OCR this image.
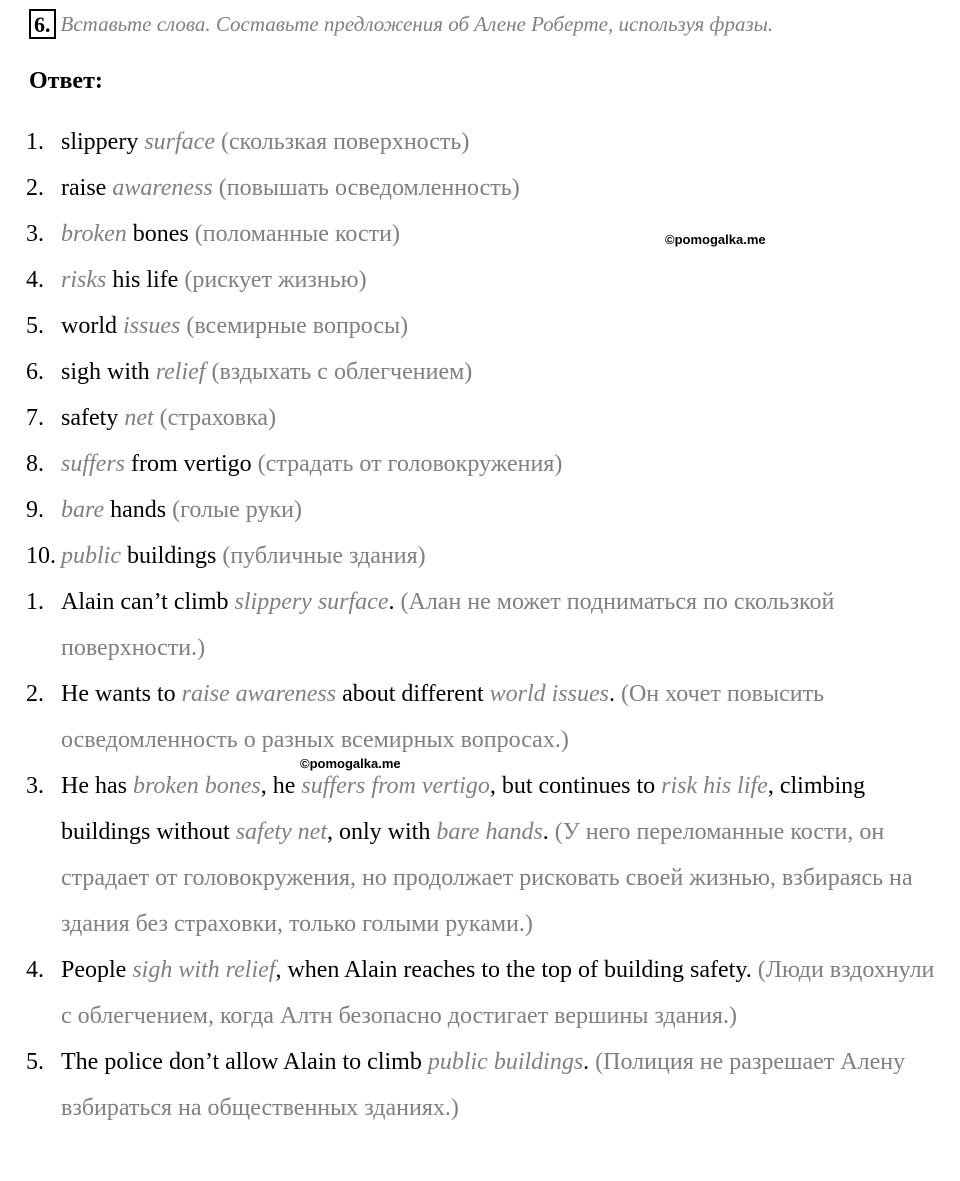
6. Вставьте слова. Составьте предложения об Алене Роберте, используя фразы.
Ответ:
©pomogalka.me
©pomogalka.me
1. slippery surface (скользкая поверхность)
2. raise awareness (повышать осведомленность)
3. broken bones (поломанные кости)
4. risks his life (рискует жизнью)
5. world issues (всемирные вопросы)
6. sigh with relief (вздыхать с облегчением)
7. safety net (страховка)
8. suffers from vertigo (страдать от головокружения)
9. bare hands (голые руки)
10. public buildings (публичные здания)
1. Alain can’t climb slippery surface. (Алан не может подниматься по скользкой поверхности.)
2. He wants to raise awareness about different world issues. (Он хочет повысить осведомленность о разных всемирных вопросах.)
3. He has broken bones, he suffers from vertigo, but continues to risk his life, climbing buildings without safety net, only with bare hands. (У него переломанные кости, он страдает от головокружения, но продолжает рисковать своей жизнью, взбираясь на здания без страховки, только голыми руками.)
4. People sigh with relief, when Alain reaches to the top of building safety. (Люди вздохнули с облегчением, когда Алтн безопасно достигает вершины здания.)
5. The police don’t allow Alain to climb public buildings. (Полиция не разрешает Алену взбираться на общественных зданиях.)
